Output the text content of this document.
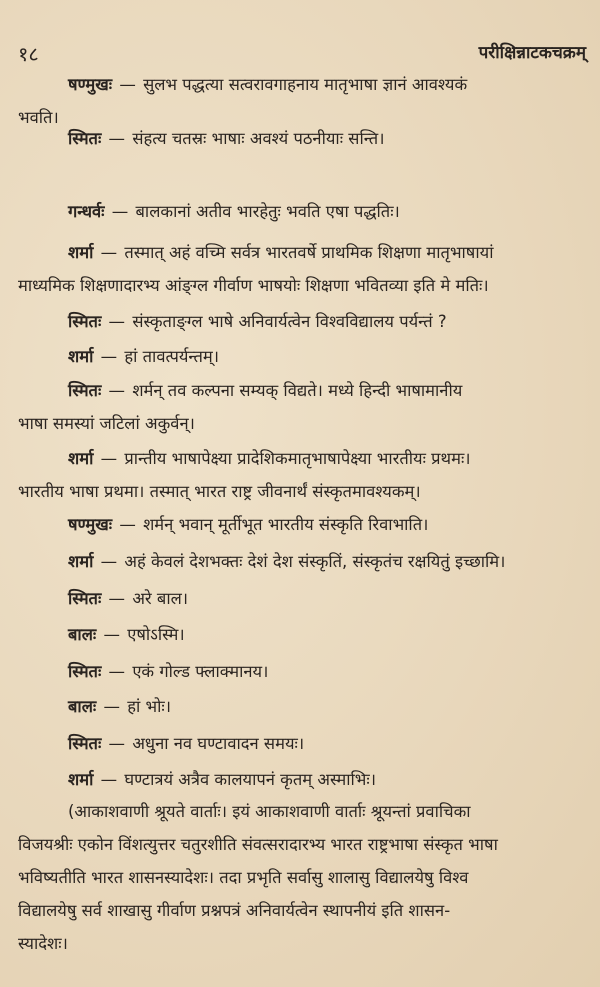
१८	परीक्षिन्नाटकचक्रम्
षण्मुखः — सुलभ पद्धत्या सत्वरावगाहनाय मातृभाषा ज्ञानं आवश्यकं
भवति।
स्मितः — संहत्य चतस्रः भाषाः अवश्यं पठनीयाः सन्ति।
गन्धर्वः — बालकानां अतीव भारहेतुः भवति एषा पद्धतिः।
शर्मा — तस्मात् अहं वच्मि सर्वत्र भारतवर्षे प्राथमिक शिक्षणा मातृभाषायां
माध्यमिक शिक्षणादारभ्य आंङ्ग्ल गीर्वाण भाषयोः शिक्षणा भवितव्या इति मे मतिः।
स्मितः — संस्कृताङ्ग्ल भाषे अनिवार्यत्वेन विश्वविद्यालय पर्यन्तं ?
शर्मा — हां तावत्पर्यन्तम्।
स्मितः — शर्मन् तव कल्पना सम्यक् विद्यते। मध्ये हिन्दी भाषामानीय
भाषा समस्यां जटिलां अकुर्वन्।
शर्मा — प्रान्तीय भाषापेक्ष्या प्रादेशिकमातृभाषापेक्ष्या भारतीयः प्रथमः।
भारतीय भाषा प्रथमा। तस्मात् भारत राष्ट्र जीवनार्थं संस्कृतमावश्यकम्।
षण्मुखः — शर्मन् भवान् मूर्तीभूत भारतीय संस्कृति रिवाभाति।
शर्मा — अहं केवलं देशभक्तः देशं देश संस्कृतिं, संस्कृतंच रक्षयितुं इच्छामि।
स्मितः — अरे बाल।
बालः — एषोऽस्मि।
स्मितः — एकं गोल्ड फ्लाक्मानय।
बालः — हां भोः।
स्मितः — अधुना नव घण्टावादन समयः।
शर्मा — घण्टात्रयं अत्रैव कालयापनं कृतम् अस्माभिः।
(आकाशवाणी श्रूयते वार्ताः। इयं आकाशवाणी वार्ताः श्रूयन्तां प्रवाचिका
विजयश्रीः एकोन विंशत्युत्तर चतुरशीति संवत्सरादारभ्य भारत राष्ट्रभाषा संस्कृत भाषा
भविष्यतीति भारत शासनस्यादेशः। तदा प्रभृति सर्वासु शालासु विद्यालयेषु विश्व
विद्यालयेषु सर्व शाखासु गीर्वाण प्रश्नपत्रं अनिवार्यत्वेन स्थापनीयं इति शासन-
स्यादेशः।
